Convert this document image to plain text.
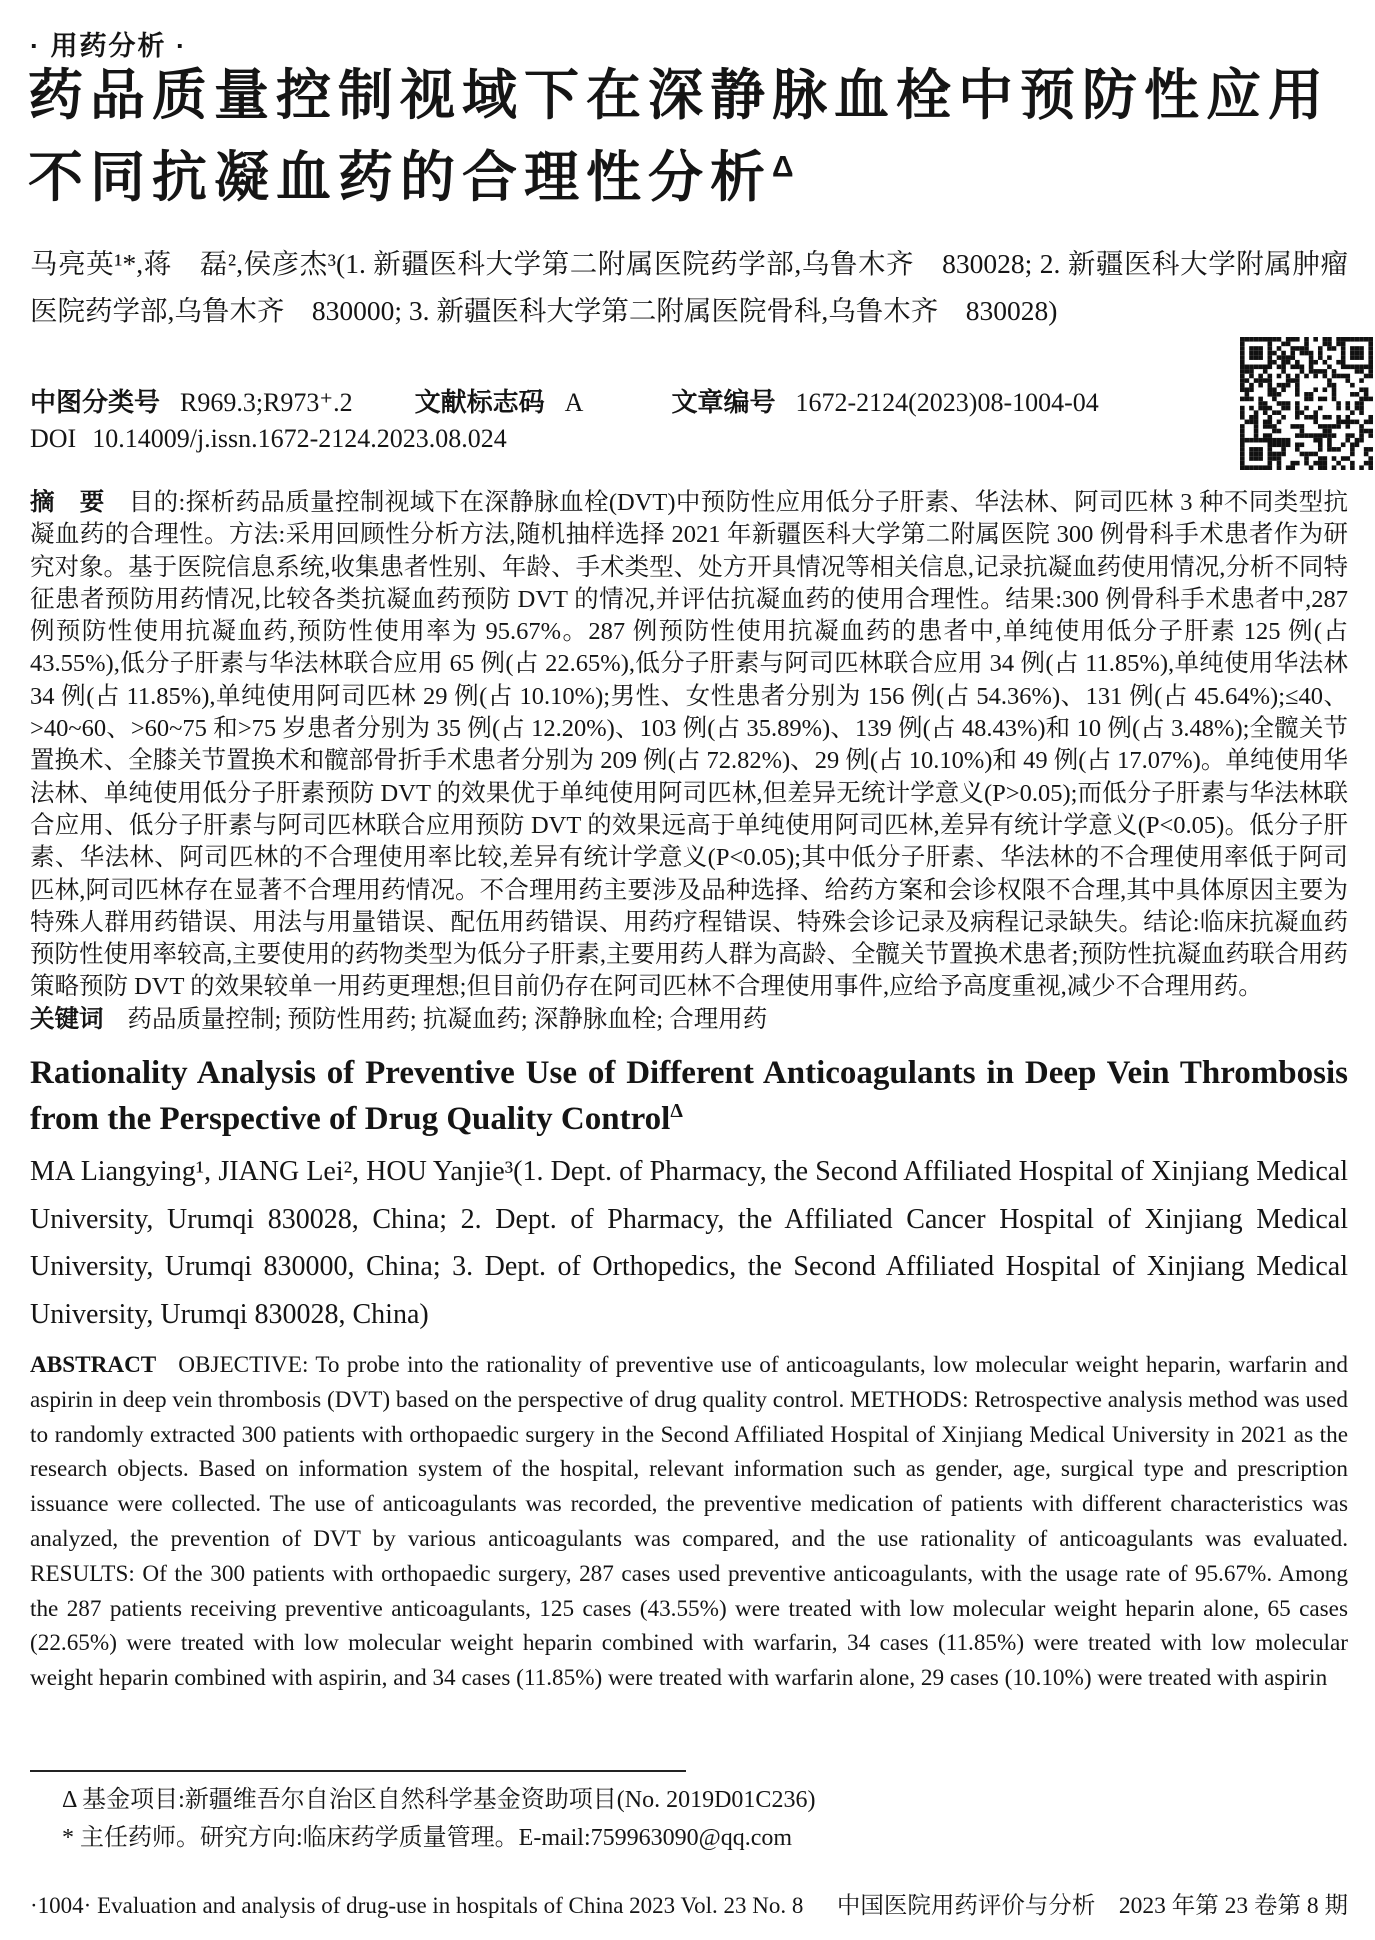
· 用药分析 ·
药品质量控制视域下在深静脉血栓中预防性应用不同抗凝血药的合理性分析$^\Delta$

马亮英¹*,蒋　磊²,侯彦杰³(1. 新疆医科大学第二附属医院药学部,乌鲁木齐　830028; 2. 新疆医科大学附属肿瘤医院药学部,乌鲁木齐　830000; 3. 新疆医科大学第二附属医院骨科,乌鲁木齐　830028)

中图分类号 R969.3;R973⁺.2 文献标志码 A	文章编号 1672-2124(2023)08-1004-04
DOI 10.14009/j.issn.1672-2124.2023.08.024

摘　要 目的:探析药品质量控制视域下在深静脉血栓(DVT)中预防性应用低分子肝素、华法林、阿司匹林 3 种不同类型抗凝血药的合理性。方法:采用回顾性分析方法,随机抽样选择 2021 年新疆医科大学第二附属医院 300 例骨科手术患者作为研究对象。基于医院信息系统,收集患者性别、年龄、手术类型、处方开具情况等相关信息,记录抗凝血药使用情况,分析不同特征患者预防用药情况,比较各类抗凝血药预防 DVT 的情况,并评估抗凝血药的使用合理性。结果:300 例骨科手术患者中,287 例预防性使用抗凝血药,预防性使用率为 95.67%。287 例预防性使用抗凝血药的患者中,单纯使用低分子肝素 125 例(占 43.55%),低分子肝素与华法林联合应用 65 例(占 22.65%),低分子肝素与阿司匹林联合应用 34 例(占 11.85%),单纯使用华法林 34 例(占 11.85%),单纯使用阿司匹林 29 例(占 10.10%);男性、女性患者分别为 156 例(占 54.36%)、131 例(占 45.64%);≤40、>40~60、>60~75 和>75 岁患者分别为 35 例(占 12.20%)、103 例(占 35.89%)、139 例(占 48.43%)和 10 例(占 3.48%);全髋关节置换术、全膝关节置换术和髋部骨折手术患者分别为 209 例(占 72.82%)、29 例(占 10.10%)和 49 例(占 17.07%)。单纯使用华法林、单纯使用低分子肝素预防 DVT 的效果优于单纯使用阿司匹林,但差异无统计学意义(P>0.05);而低分子肝素与华法林联合应用、低分子肝素与阿司匹林联合应用预防 DVT 的效果远高于单纯使用阿司匹林,差异有统计学意义(P<0.05)。低分子肝素、华法林、阿司匹林的不合理使用率比较,差异有统计学意义(P<0.05);其中低分子肝素、华法林的不合理使用率低于阿司匹林,阿司匹林存在显著不合理用药情况。不合理用药主要涉及品种选择、给药方案和会诊权限不合理,其中具体原因主要为特殊人群用药错误、用法与用量错误、配伍用药错误、用药疗程错误、特殊会诊记录及病程记录缺失。结论:临床抗凝血药预防性使用率较高,主要使用的药物类型为低分子肝素,主要用药人群为高龄、全髋关节置换术患者;预防性抗凝血药联合用药策略预防 DVT 的效果较单一用药更理想;但目前仍存在阿司匹林不合理使用事件,应给予高度重视,减少不合理用药。

关键词 药品质量控制; 预防性用药; 抗凝血药; 深静脉血栓; 合理用药

Rationality Analysis of Preventive Use of Different Anticoagulants in Deep Vein Thrombosis from the Perspective of Drug Quality Control$^\Delta$

MA Liangying¹, JIANG Lei², HOU Yanjie³(1. Dept. of Pharmacy, the Second Affiliated Hospital of Xinjiang Medical University, Urumqi 830028, China; 2. Dept. of Pharmacy, the Affiliated Cancer Hospital of Xinjiang Medical University, Urumqi 830000, China; 3. Dept. of Orthopedics, the Second Affiliated Hospital of Xinjiang Medical University, Urumqi 830028, China)

ABSTRACT OBJECTIVE: To probe into the rationality of preventive use of anticoagulants, low molecular weight heparin, warfarin and aspirin in deep vein thrombosis (DVT) based on the perspective of drug quality control. METHODS: Retrospective analysis method was used to randomly extracted 300 patients with orthopaedic surgery in the Second Affiliated Hospital of Xinjiang Medical University in 2021 as the research objects. Based on information system of the hospital, relevant information such as gender, age, surgical type and prescription issuance were collected. The use of anticoagulants was recorded, the preventive medication of patients with different characteristics was analyzed, the prevention of DVT by various anticoagulants was compared, and the use rationality of anticoagulants was evaluated. RESULTS: Of the 300 patients with orthopaedic surgery, 287 cases used preventive anticoagulants, with the usage rate of 95.67%. Among the 287 patients receiving preventive anticoagulants, 125 cases (43.55%) were treated with low molecular weight heparin alone, 65 cases (22.65%) were treated with low molecular weight heparin combined with warfarin, 34 cases (11.85%) were treated with low molecular weight heparin combined with aspirin, and 34 cases (11.85%) were treated with warfarin alone, 29 cases (10.10%) were treated with aspirin

Δ 基金项目:新疆维吾尔自治区自然科学基金资助项目(No. 2019D01C236)
* 主任药师。研究方向:临床药学质量管理。E-mail:759963090@qq.com
·1004· Evaluation and analysis of drug-use in hospitals of China 2023 Vol. 23 No. 8 中国医院用药评价与分析　2023 年第 23 卷第 8 期
